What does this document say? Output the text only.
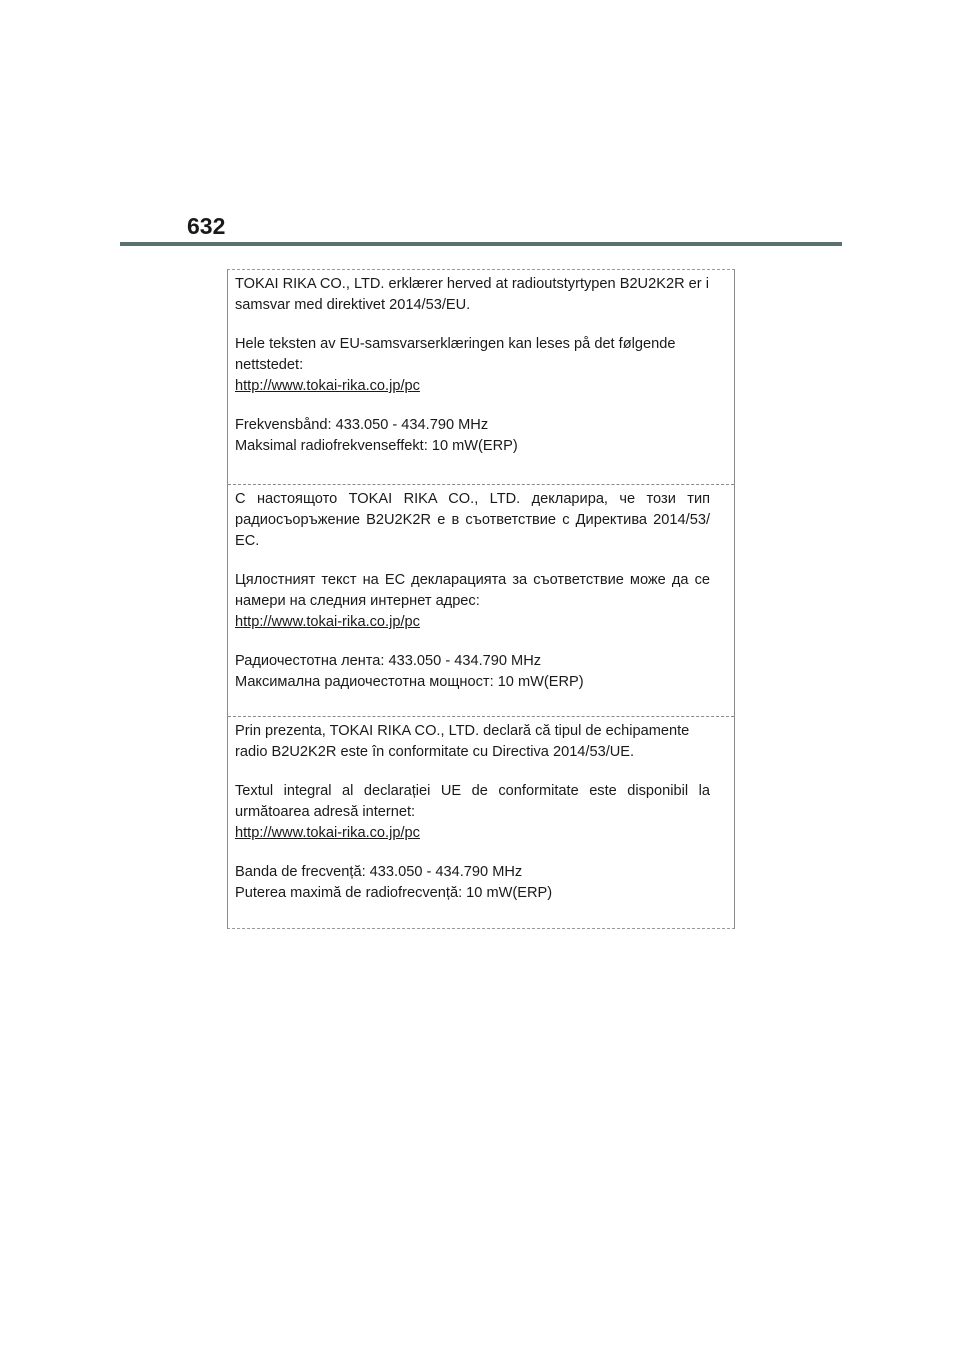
632

TOKAI RIKA CO., LTD. erklærer herved at radioutstyrtypen B2U2K2R er i samsvar med direktivet 2014/53/EU.

Hele teksten av EU-samsvarserklæringen kan leses på det følgende nettstedet:

http://www.tokai-rika.co.jp/pc

Frekvensbånd: 433.050 - 434.790 MHz

Maksimal radiofrekvenseffekt: 10 mW(ERP)

С настоящото TOKAI RIKA CO., LTD. декларира, че този тип радиосъоръжение B2U2K2R е в съответствие с Директива 2014/53/ЕС.

Цялостният текст на ЕС декларацията за съответствие може да се намери на следния интернет адрес:

http://www.tokai-rika.co.jp/pc

Радиочестотна лента: 433.050 - 434.790 MHz

Максимална радиочестотна мощност: 10 mW(ERP)

Prin prezenta, TOKAI RIKA CO., LTD. declară că tipul de echipamente radio B2U2K2R este în conformitate cu Directiva 2014/53/UE.

Textul integral al declarației UE de conformitate este disponibil la următoarea adresă internet:

http://www.tokai-rika.co.jp/pc

Banda de frecvență: 433.050 - 434.790 MHz

Puterea maximă de radiofrecvență: 10 mW(ERP)
